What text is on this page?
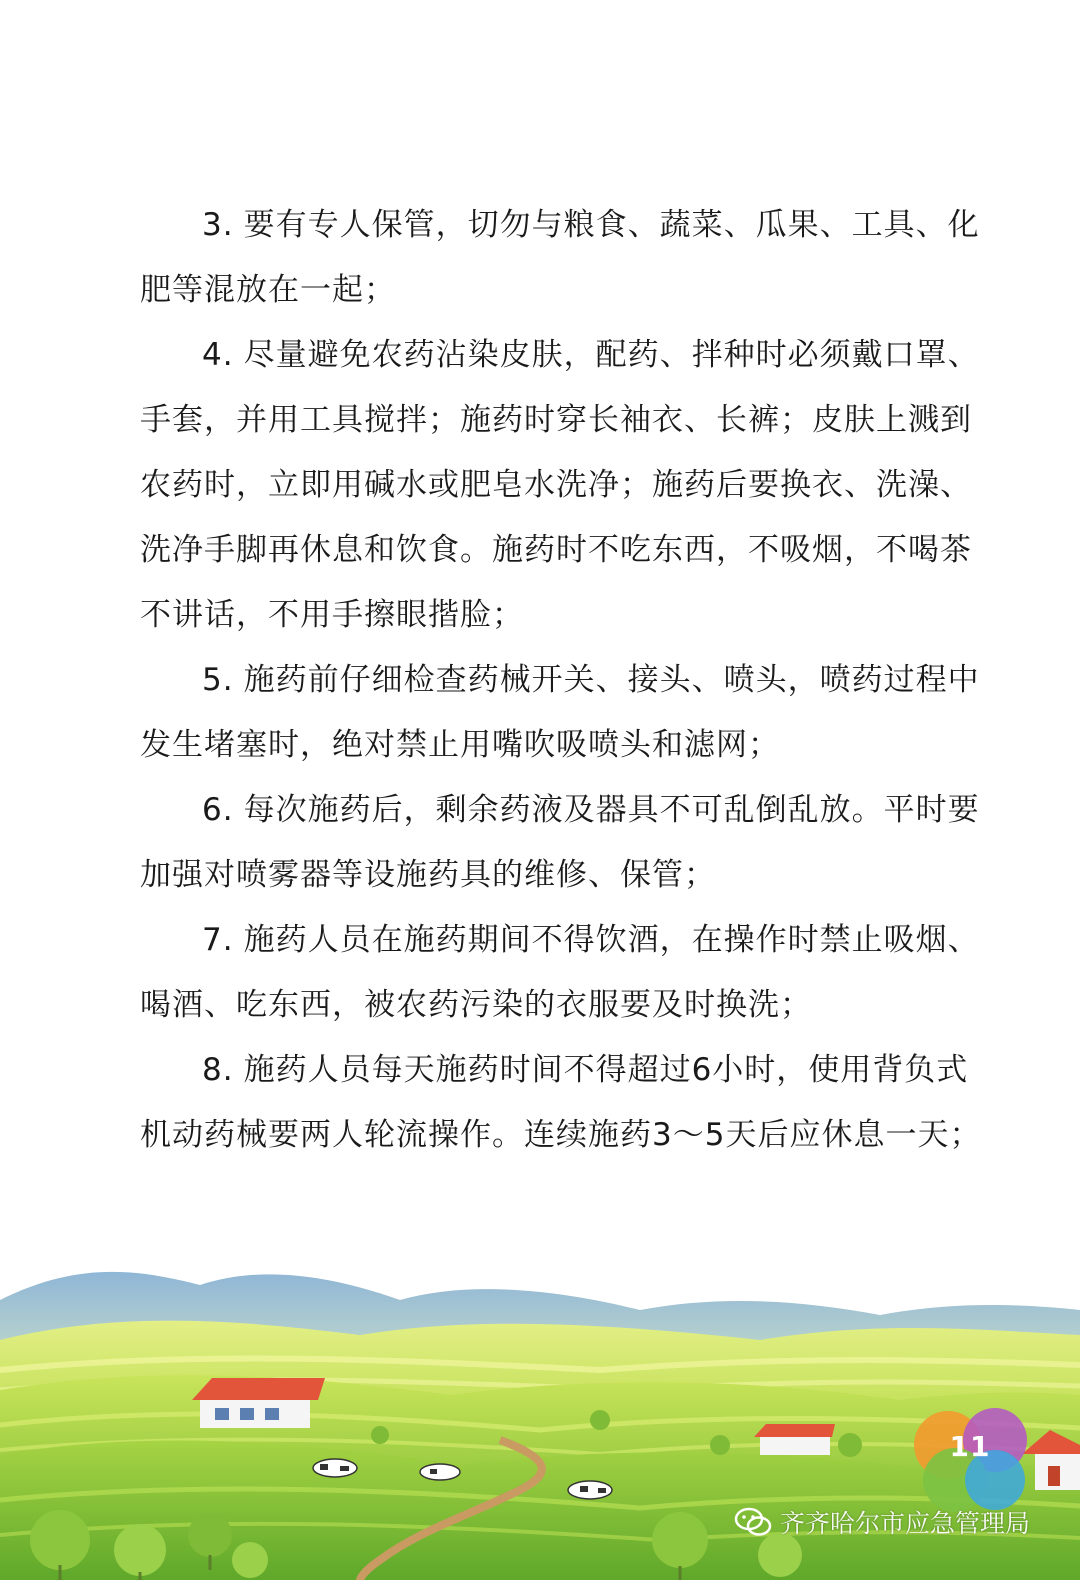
3. 要有专人保管，切勿与粮食、蔬菜、瓜果、工具、化肥等混放在一起；

4. 尽量避免农药沾染皮肤，配药、拌种时必须戴口罩、手套，并用工具搅拌；施药时穿长袖衣、长裤；皮肤上溅到农药时，立即用碱水或肥皂水洗净；施药后要换衣、洗澡、洗净手脚再休息和饮食。施药时不吃东西，不吸烟，不喝茶不讲话，不用手擦眼揩脸；

5. 施药前仔细检查药械开关、接头、喷头，喷药过程中发生堵塞时，绝对禁止用嘴吹吸喷头和滤网；

6. 每次施药后，剩余药液及器具不可乱倒乱放。平时要加强对喷雾器等设施药具的维修、保管；

7. 施药人员在施药期间不得饮酒，在操作时禁止吸烟、喝酒、吃东西，被农药污染的衣服要及时换洗；

8. 施药人员每天施药时间不得超过6小时，使用背负式机动药械要两人轮流操作。连续施药3～5天后应休息一天；

11
齐齐哈尔市应急管理局
